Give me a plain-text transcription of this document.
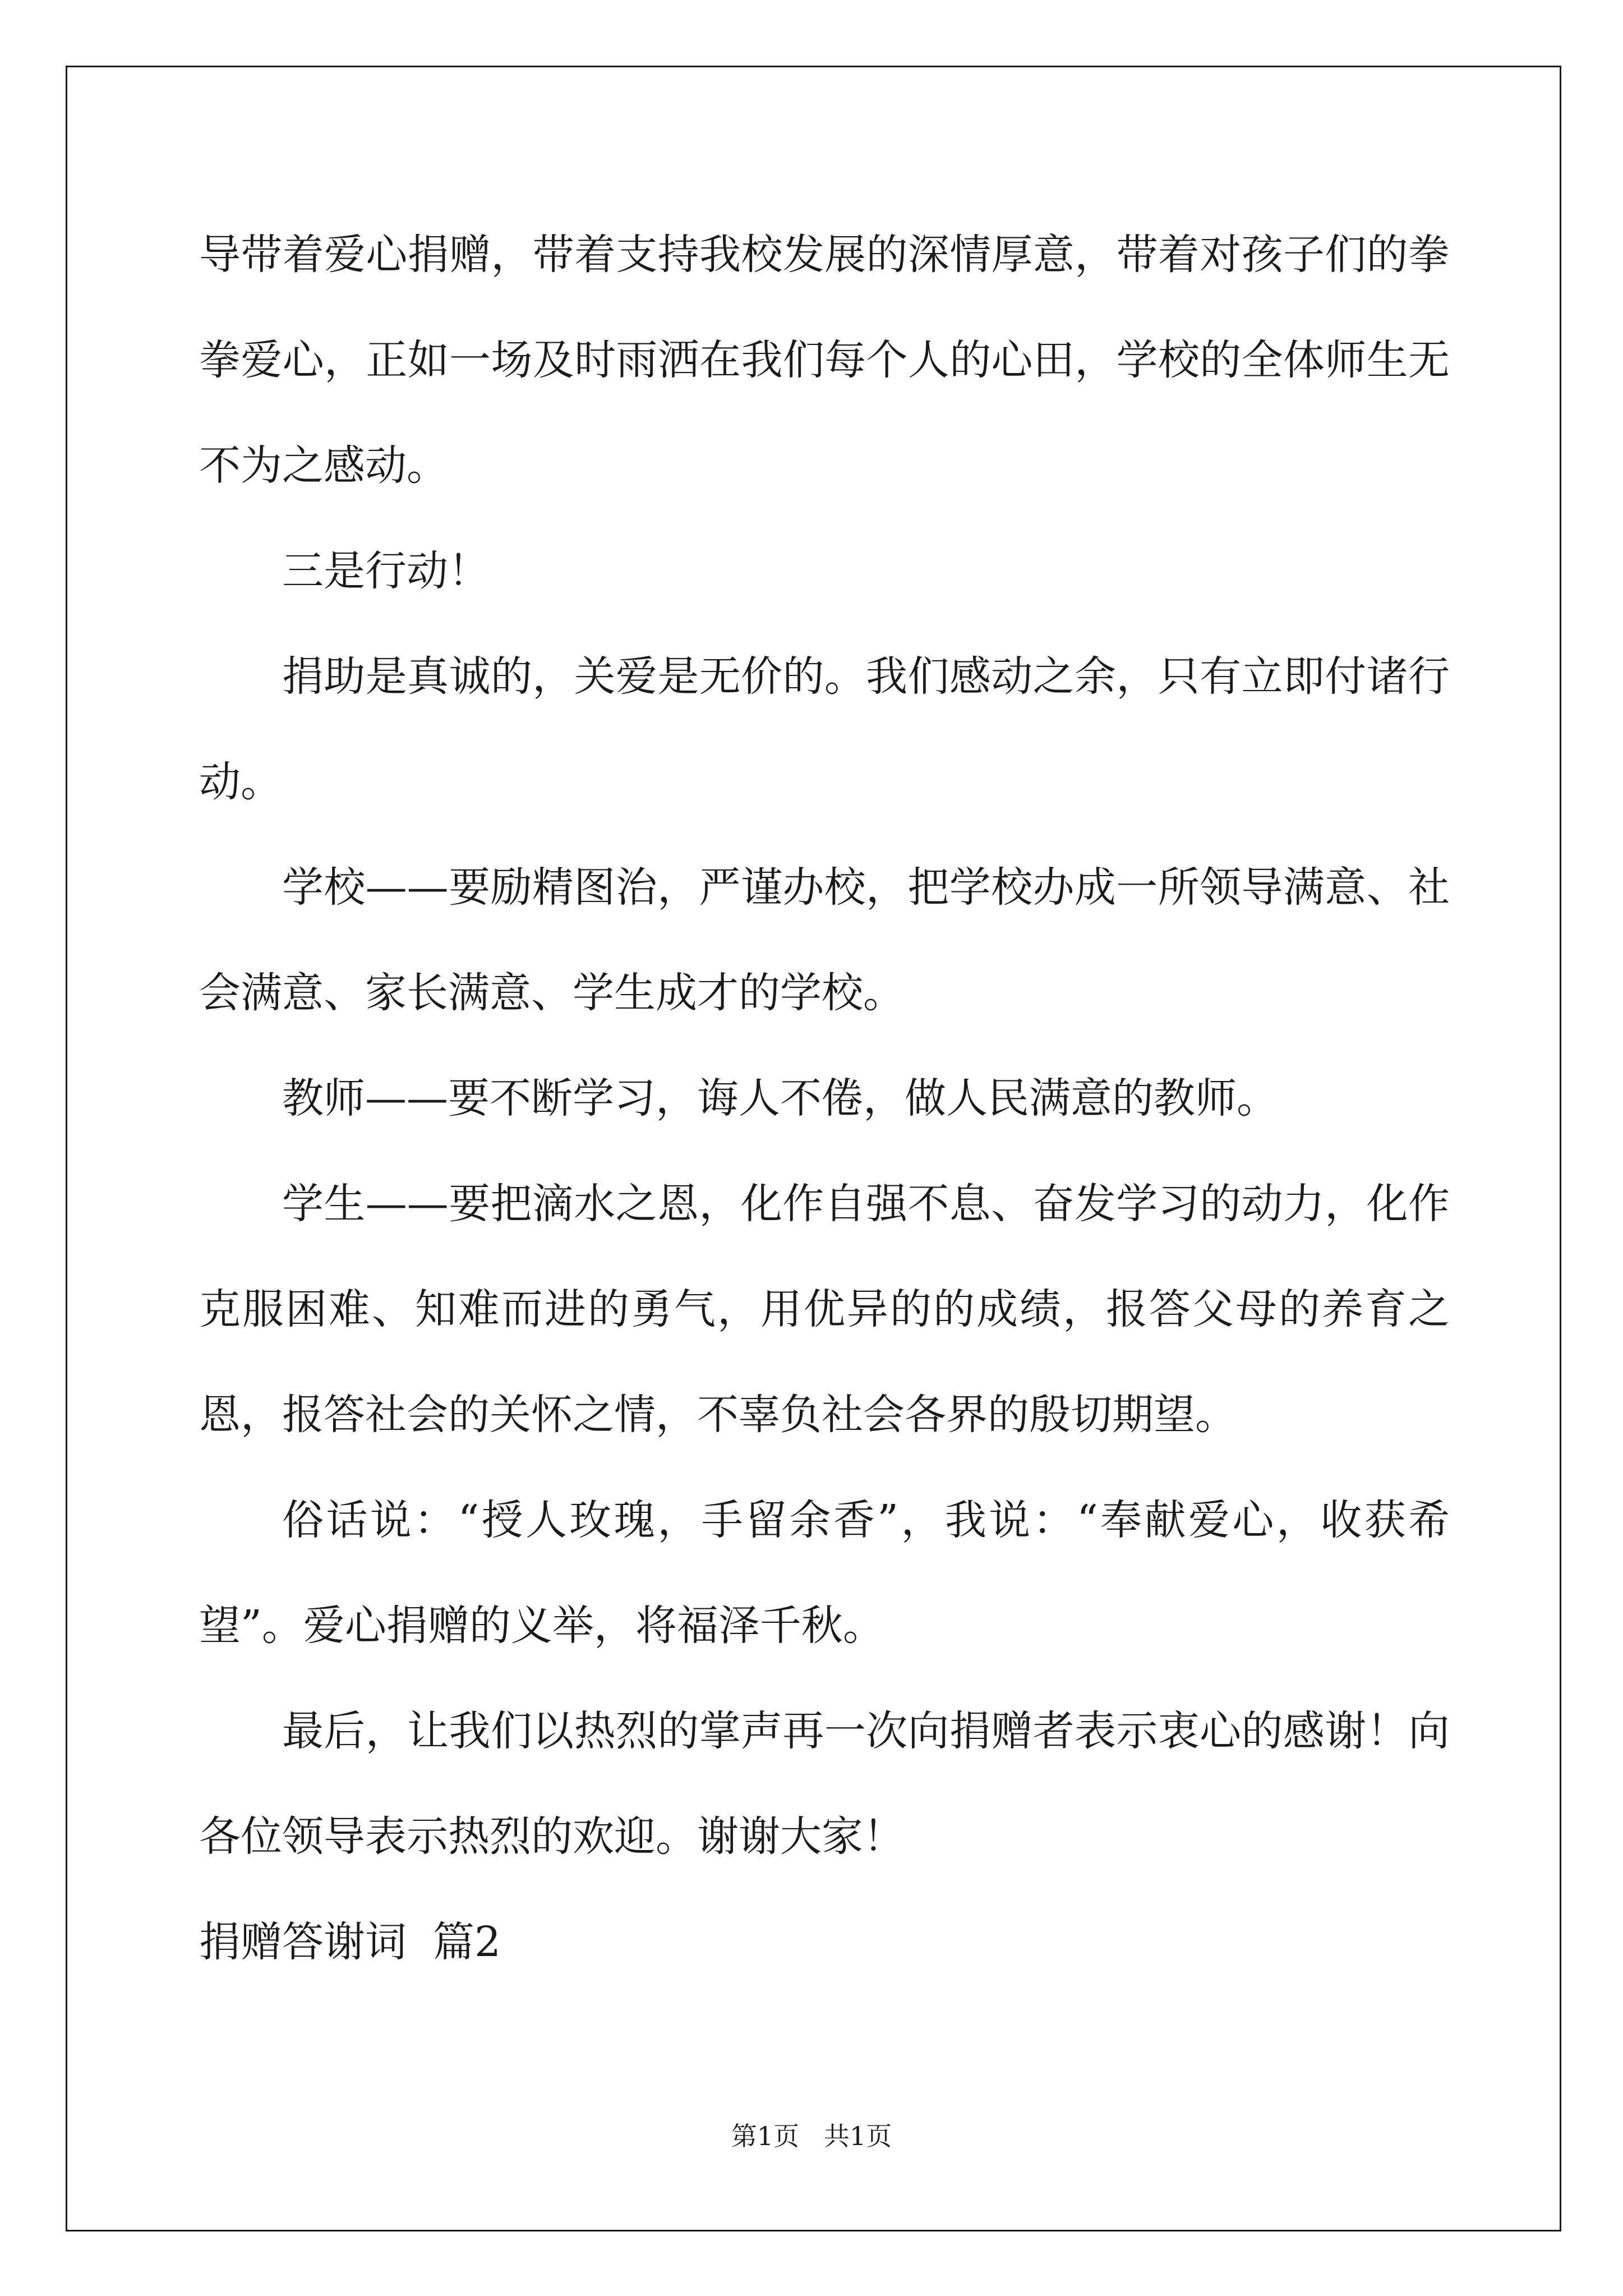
导带着爱心捐赠，带着支持我校发展的深情厚意，带着对孩子们的拳拳爱心，正如一场及时雨洒在我们每个人的心田，学校的全体师生无不为之感动。

三是行动！

捐助是真诚的，关爱是无价的。我们感动之余，只有立即付诸行动。

学校——要励精图治，严谨办校，把学校办成一所领导满意、社会满意、家长满意、学生成才的学校。

教师——要不断学习，诲人不倦，做人民满意的教师。

学生——要把滴水之恩，化作自强不息、奋发学习的动力，化作克服困难、知难而进的勇气，用优异的的成绩，报答父母的养育之恩，报答社会的关怀之情，不辜负社会各界的殷切期望。

俗话说：“授人玫瑰，手留余香”，我说：“奉献爱心，收获希望”。爱心捐赠的义举，将福泽千秋。

最后，让我们以热烈的掌声再一次向捐赠者表示衷心的感谢！向各位领导表示热烈的欢迎。谢谢大家！

捐赠答谢词  篇2

第1页   共1页
